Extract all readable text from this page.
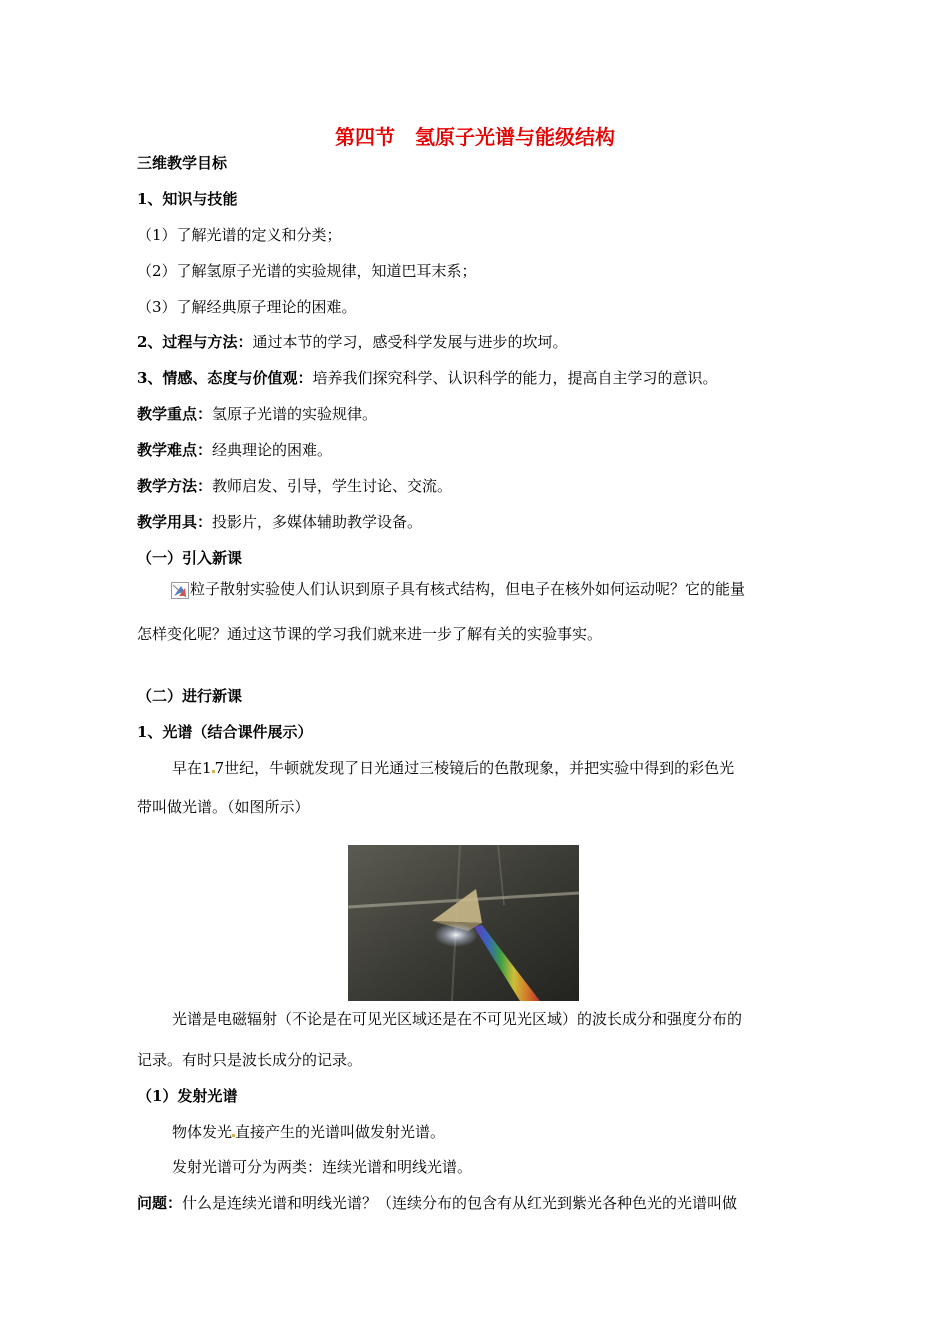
第四节　氢原子光谱与能级结构
三维教学目标
1、知识与技能
（1）了解光谱的定义和分类；
（2）了解氢原子光谱的实验规律，知道巴耳末系；
（3）了解经典原子理论的困难。
2、过程与方法：通过本节的学习，感受科学发展与进步的坎坷。
3、情感、态度与价值观：培养我们探究科学、认识科学的能力，提高自主学习的意识。
教学重点：氢原子光谱的实验规律。
教学难点：经典理论的困难。
教学方法：教师启发、引导，学生讨论、交流。
教学用具：投影片，多媒体辅助教学设备。
（一）引入新课
粒子散射实验使人们认识到原子具有核式结构，但电子在核外如何运动呢？它的能量
怎样变化呢？通过这节课的学习我们就来进一步了解有关的实验事实。
（二）进行新课
1、光谱（结合课件展示）
早在1 7世纪，牛顿就发现了日光通过三棱镜后的色散现象，并把实验中得到的彩色光
带叫做光谱。（如图所示）
光谱是电磁辐射（不论是在可见光区域还是在不可见光区域）的波长成分和强度分布的
记录。有时只是波长成分的记录。
（1）发射光谱
物体发光 直接产生的光谱叫做发射光谱。
发射光谱可分为两类：连续光谱和明线光谱。
问题：什么是连续光谱和明线光谱？（连续分布的包含有从红光到紫光各种色光的光谱叫做
